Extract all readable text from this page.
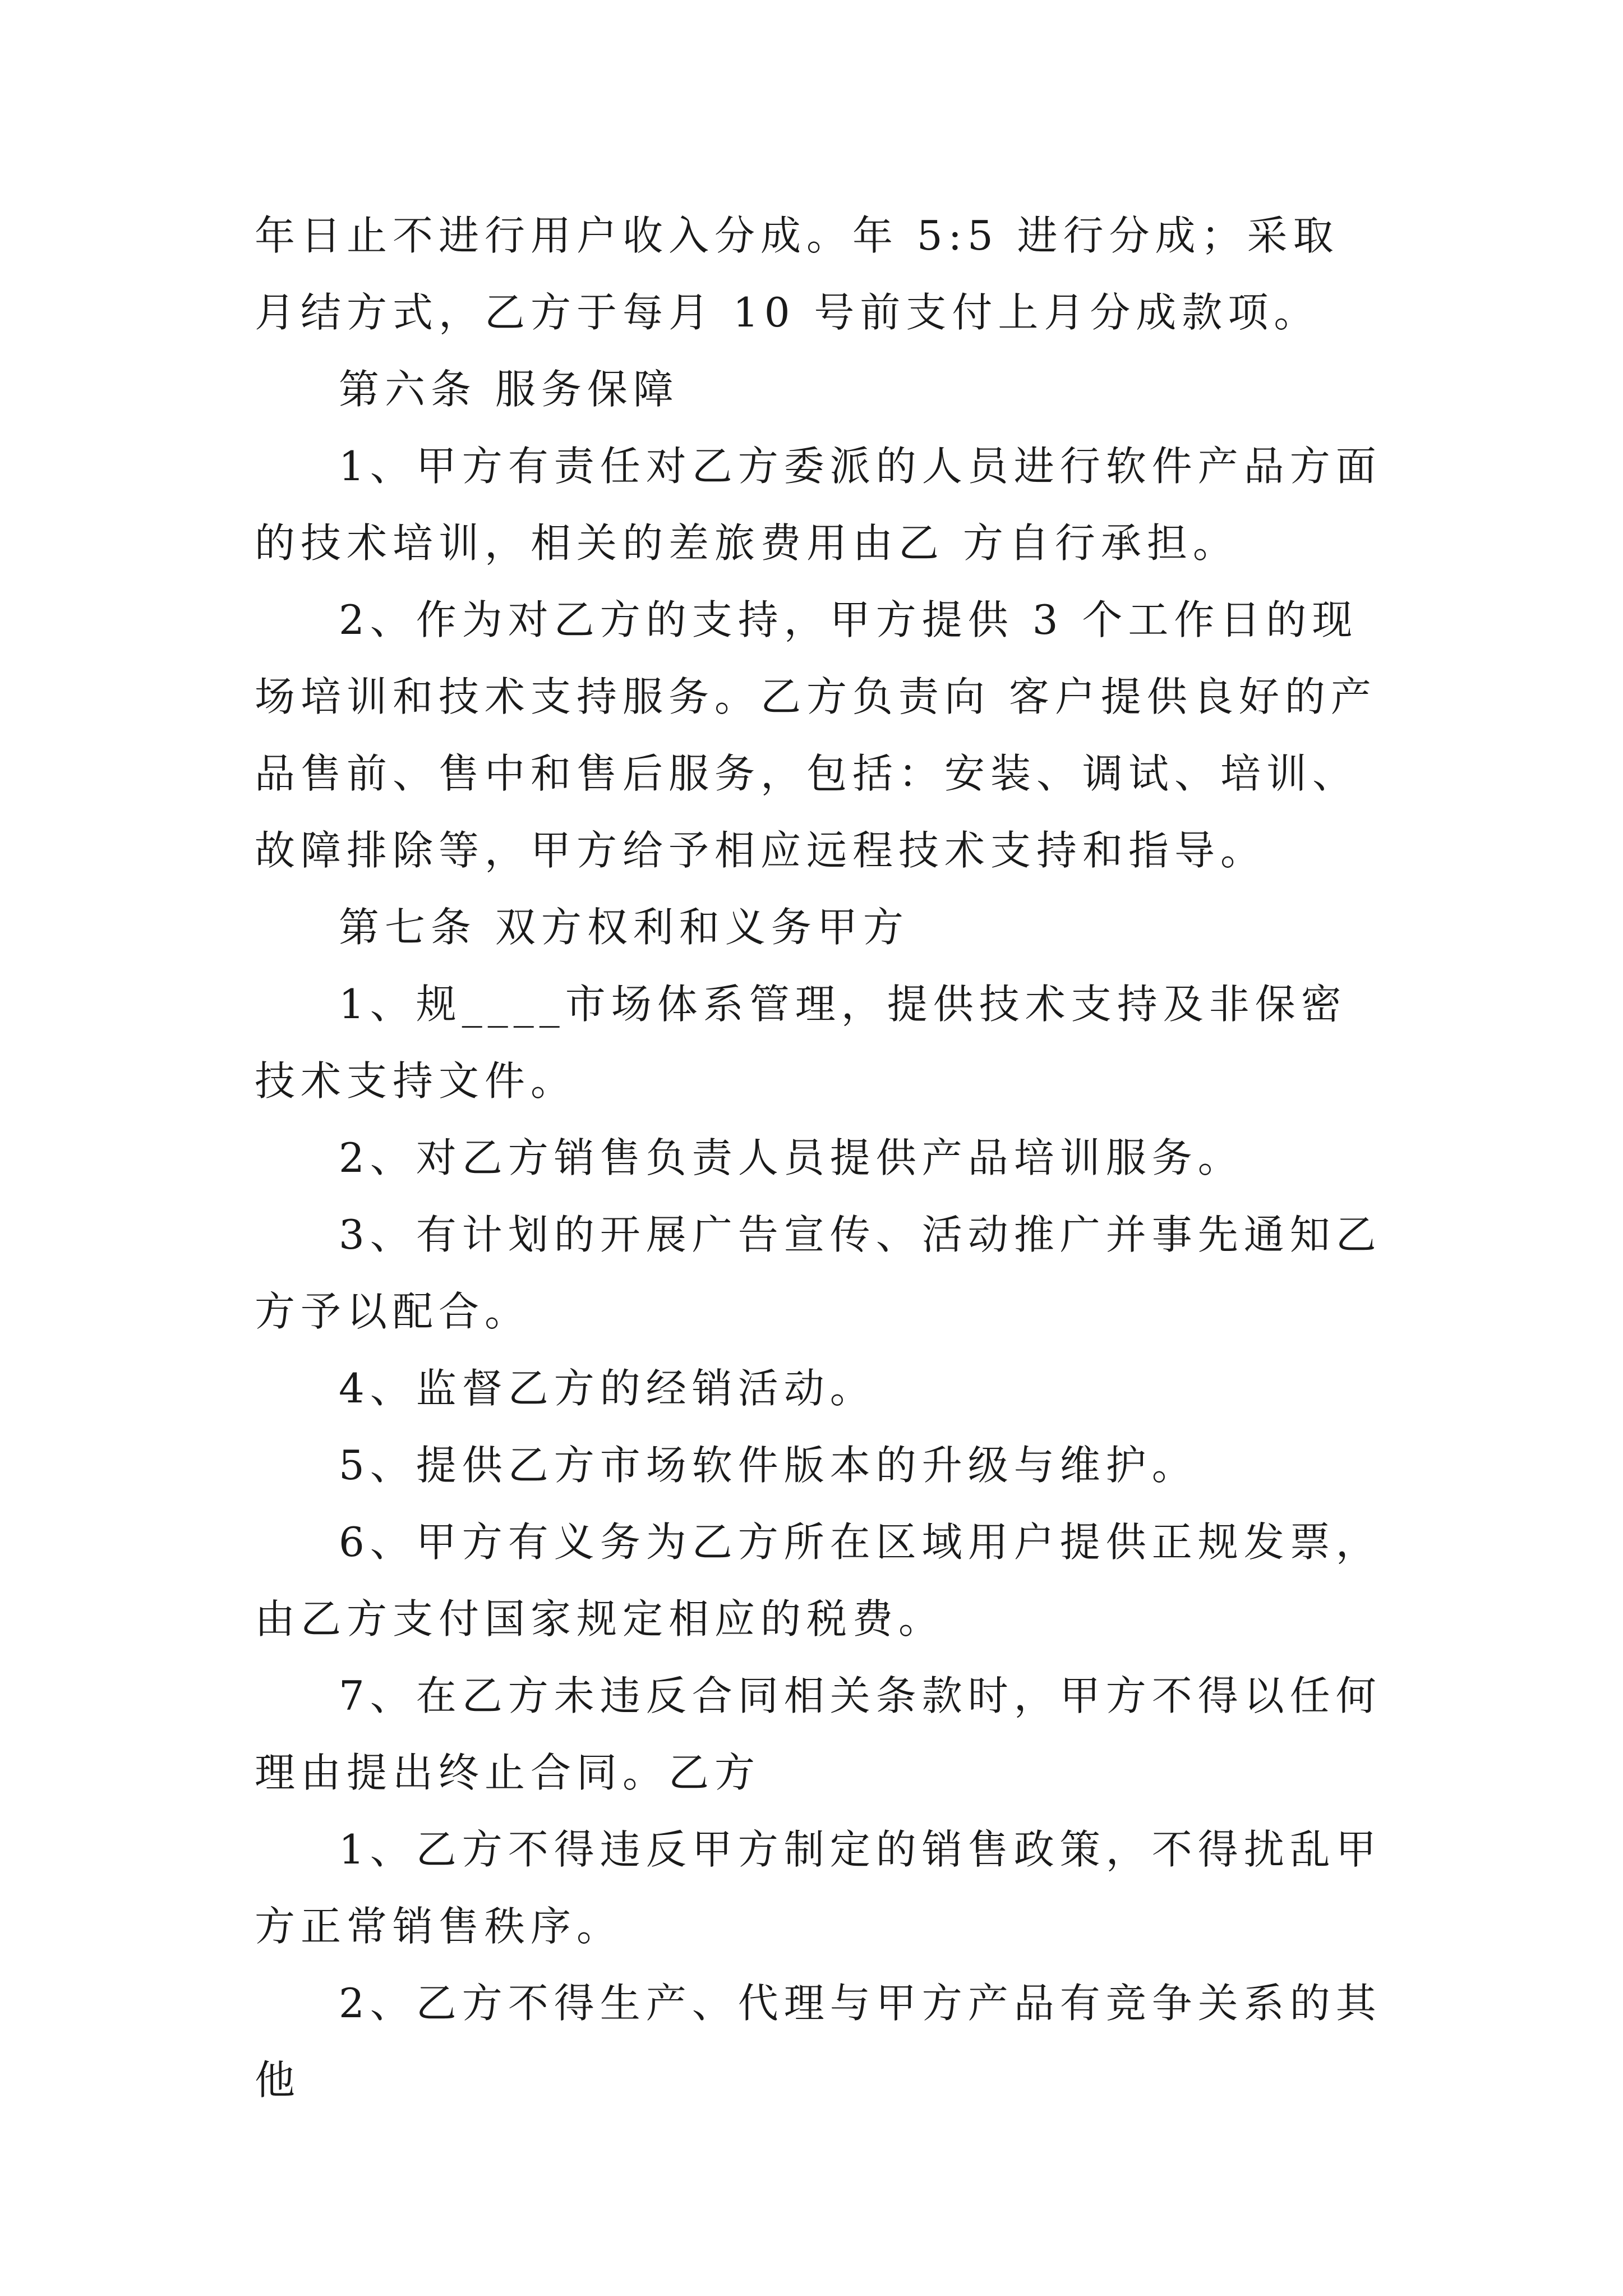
年日止不进行用户收入分成。年 5:5 进行分成；采取月结方式，乙方于每月 10 号前支付上月分成款项。

第六条 服务保障

1、甲方有责任对乙方委派的人员进行软件产品方面的技术培训，相关的差旅费用由乙 方自行承担。

2、作为对乙方的支持，甲方提供 3 个工作日的现场培训和技术支持服务。乙方负责向 客户提供良好的产品售前、售中和售后服务，包括：安装、调试、培训、故障排除等，甲方给予相应远程技术支持和指导。

第七条 双方权利和义务甲方

1、规____市场体系管理，提供技术支持及非保密技术支持文件。

2、对乙方销售负责人员提供产品培训服务。

3、有计划的开展广告宣传、活动推广并事先通知乙方予以配合。

4、监督乙方的经销活动。

5、提供乙方市场软件版本的升级与维护。

6、甲方有义务为乙方所在区域用户提供正规发票，由乙方支付国家规定相应的税费。

7、在乙方未违反合同相关条款时，甲方不得以任何理由提出终止合同。乙方

1、乙方不得违反甲方制定的销售政策，不得扰乱甲方正常销售秩序。

2、乙方不得生产、代理与甲方产品有竞争关系的其他
